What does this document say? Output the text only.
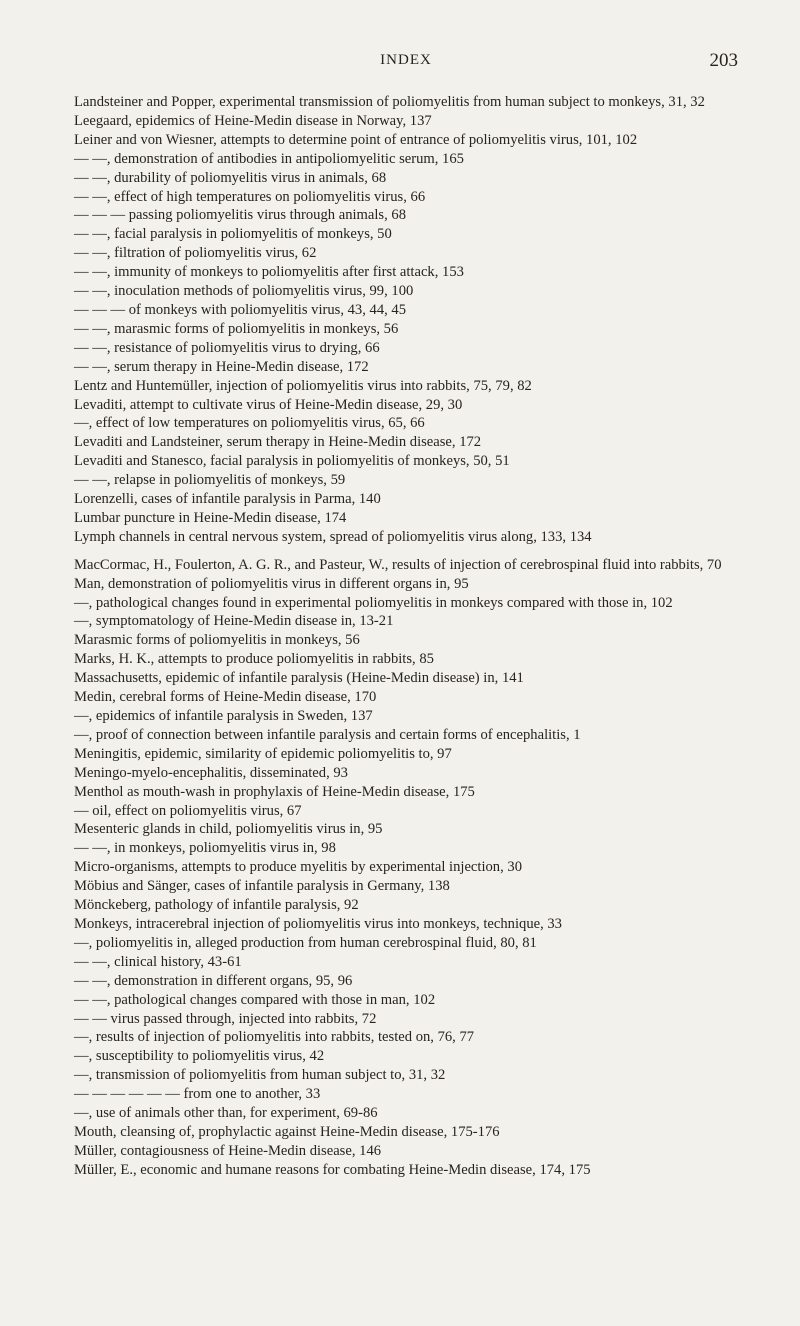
INDEX	203
Landsteiner and Popper, experimental transmission of poliomyelitis from human subject to monkeys, 31, 32
Leegaard, epidemics of Heine-Medin disease in Norway, 137
Leiner and von Wiesner, attempts to determine point of entrance of poliomyelitis virus, 101, 102
— —, demonstration of antibodies in antipoliomyelitic serum, 165
— —, durability of poliomyelitis virus in animals, 68
— —, effect of high temperatures on poliomyelitis virus, 66
— — — passing poliomyelitis virus through animals, 68
— —, facial paralysis in poliomyelitis of monkeys, 50
— —, filtration of poliomyelitis virus, 62
— —, immunity of monkeys to poliomyelitis after first attack, 153
— —, inoculation methods of poliomyelitis virus, 99, 100
— — — of monkeys with poliomyelitis virus, 43, 44, 45
— —, marasmic forms of poliomyelitis in monkeys, 56
— —, resistance of poliomyelitis virus to drying, 66
— —, serum therapy in Heine-Medin disease, 172
Lentz and Huntemüller, injection of poliomyelitis virus into rabbits, 75, 79, 82
Levaditi, attempt to cultivate virus of Heine-Medin disease, 29, 30
—, effect of low temperatures on poliomyelitis virus, 65, 66
Levaditi and Landsteiner, serum therapy in Heine-Medin disease, 172
Levaditi and Stanesco, facial paralysis in poliomyelitis of monkeys, 50, 51
— —, relapse in poliomyelitis of monkeys, 59
Lorenzelli, cases of infantile paralysis in Parma, 140
Lumbar puncture in Heine-Medin disease, 174
Lymph channels in central nervous system, spread of poliomyelitis virus along, 133, 134
MacCormac, H., Foulerton, A. G. R., and Pasteur, W., results of injection of cerebrospinal fluid into rabbits, 70
Man, demonstration of poliomyelitis virus in different organs in, 95
—, pathological changes found in experimental poliomyelitis in monkeys compared with those in, 102
—, symptomatology of Heine-Medin disease in, 13-21
Marasmic forms of poliomyelitis in monkeys, 56
Marks, H. K., attempts to produce poliomyelitis in rabbits, 85
Massachusetts, epidemic of infantile paralysis (Heine-Medin disease) in, 141
Medin, cerebral forms of Heine-Medin disease, 170
—, epidemics of infantile paralysis in Sweden, 137
—, proof of connection between infantile paralysis and certain forms of encephalitis, 1
Meningitis, epidemic, similarity of epidemic poliomyelitis to, 97
Meningo-myelo-encephalitis, disseminated, 93
Menthol as mouth-wash in prophylaxis of Heine-Medin disease, 175
— oil, effect on poliomyelitis virus, 67
Mesenteric glands in child, poliomyelitis virus in, 95
— —, in monkeys, poliomyelitis virus in, 98
Micro-organisms, attempts to produce myelitis by experimental injection, 30
Möbius and Sänger, cases of infantile paralysis in Germany, 138
Mönckeberg, pathology of infantile paralysis, 92
Monkeys, intracerebral injection of poliomyelitis virus into monkeys, technique, 33
—, poliomyelitis in, alleged production from human cerebrospinal fluid, 80, 81
— —, clinical history, 43-61
— —, demonstration in different organs, 95, 96
— —, pathological changes compared with those in man, 102
— — virus passed through, injected into rabbits, 72
—, results of injection of poliomyelitis into rabbits, tested on, 76, 77
—, susceptibility to poliomyelitis virus, 42
—, transmission of poliomyelitis from human subject to, 31, 32
— — — — — — from one to another, 33
—, use of animals other than, for experiment, 69-86
Mouth, cleansing of, prophylactic against Heine-Medin disease, 175-176
Müller, contagiousness of Heine-Medin disease, 146
Müller, E., economic and humane reasons for combating Heine-Medin disease, 174, 175
